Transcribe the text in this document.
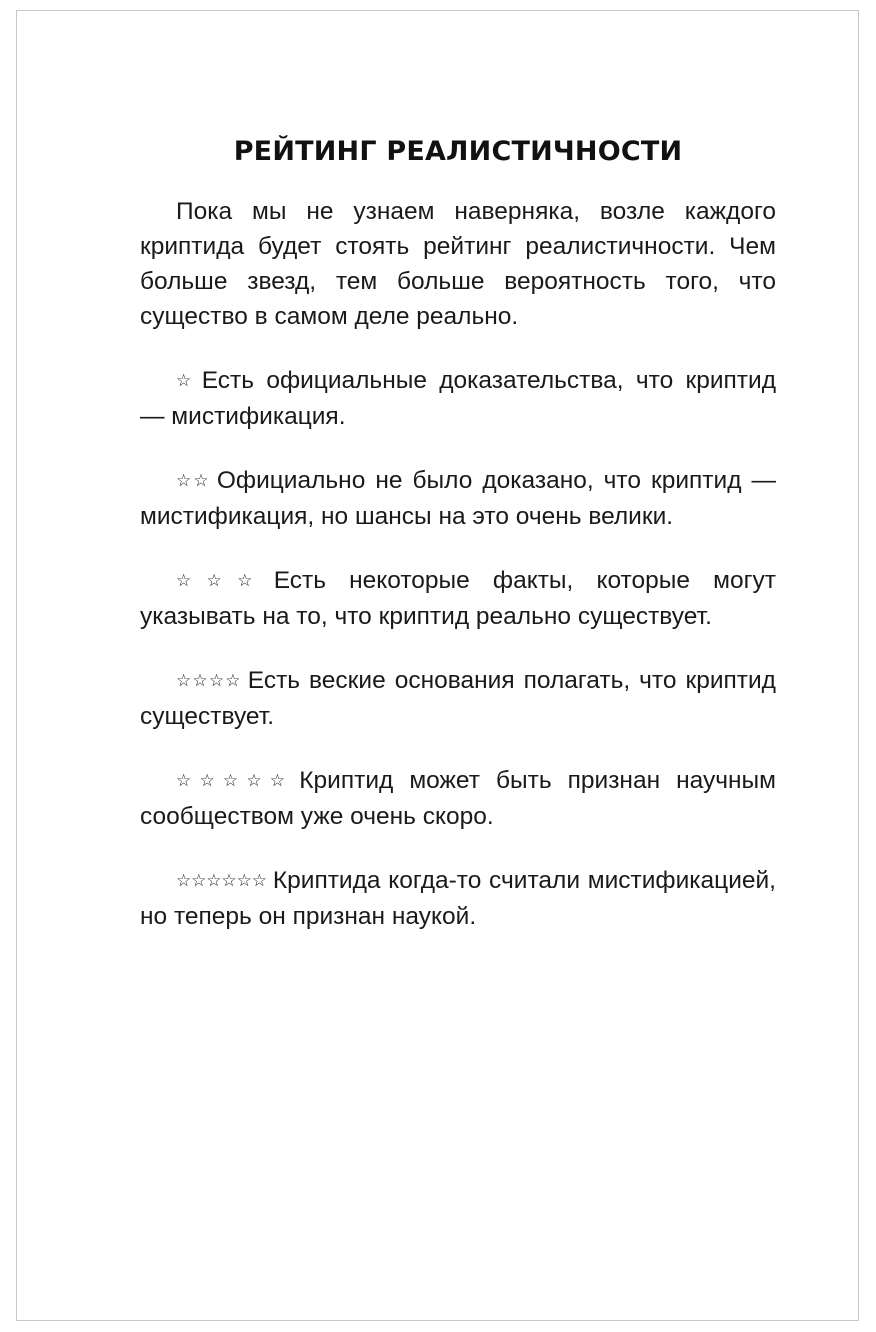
РЕЙТИНГ РЕАЛИСТИЧНОСТИ

Пока мы не узнаем наверняка, возле каждого криптида будет стоять рейтинг реалистичности. Чем больше звезд, тем больше вероятность того, что существо в самом деле реально.

☆ Есть официальные доказательства, что криптид — мистификация.

☆☆ Официально не было доказано, что криптид — мистификация, но шансы на это очень велики.

☆☆☆ Есть некоторые факты, которые могут указывать на то, что криптид реально существует.

☆☆☆☆ Есть веские основания полагать, что криптид существует.

☆☆☆☆☆ Криптид может быть признан научным сообществом уже очень скоро.

☆☆☆☆☆☆ Криптида когда-то считали мистификацией, но теперь он признан наукой.
